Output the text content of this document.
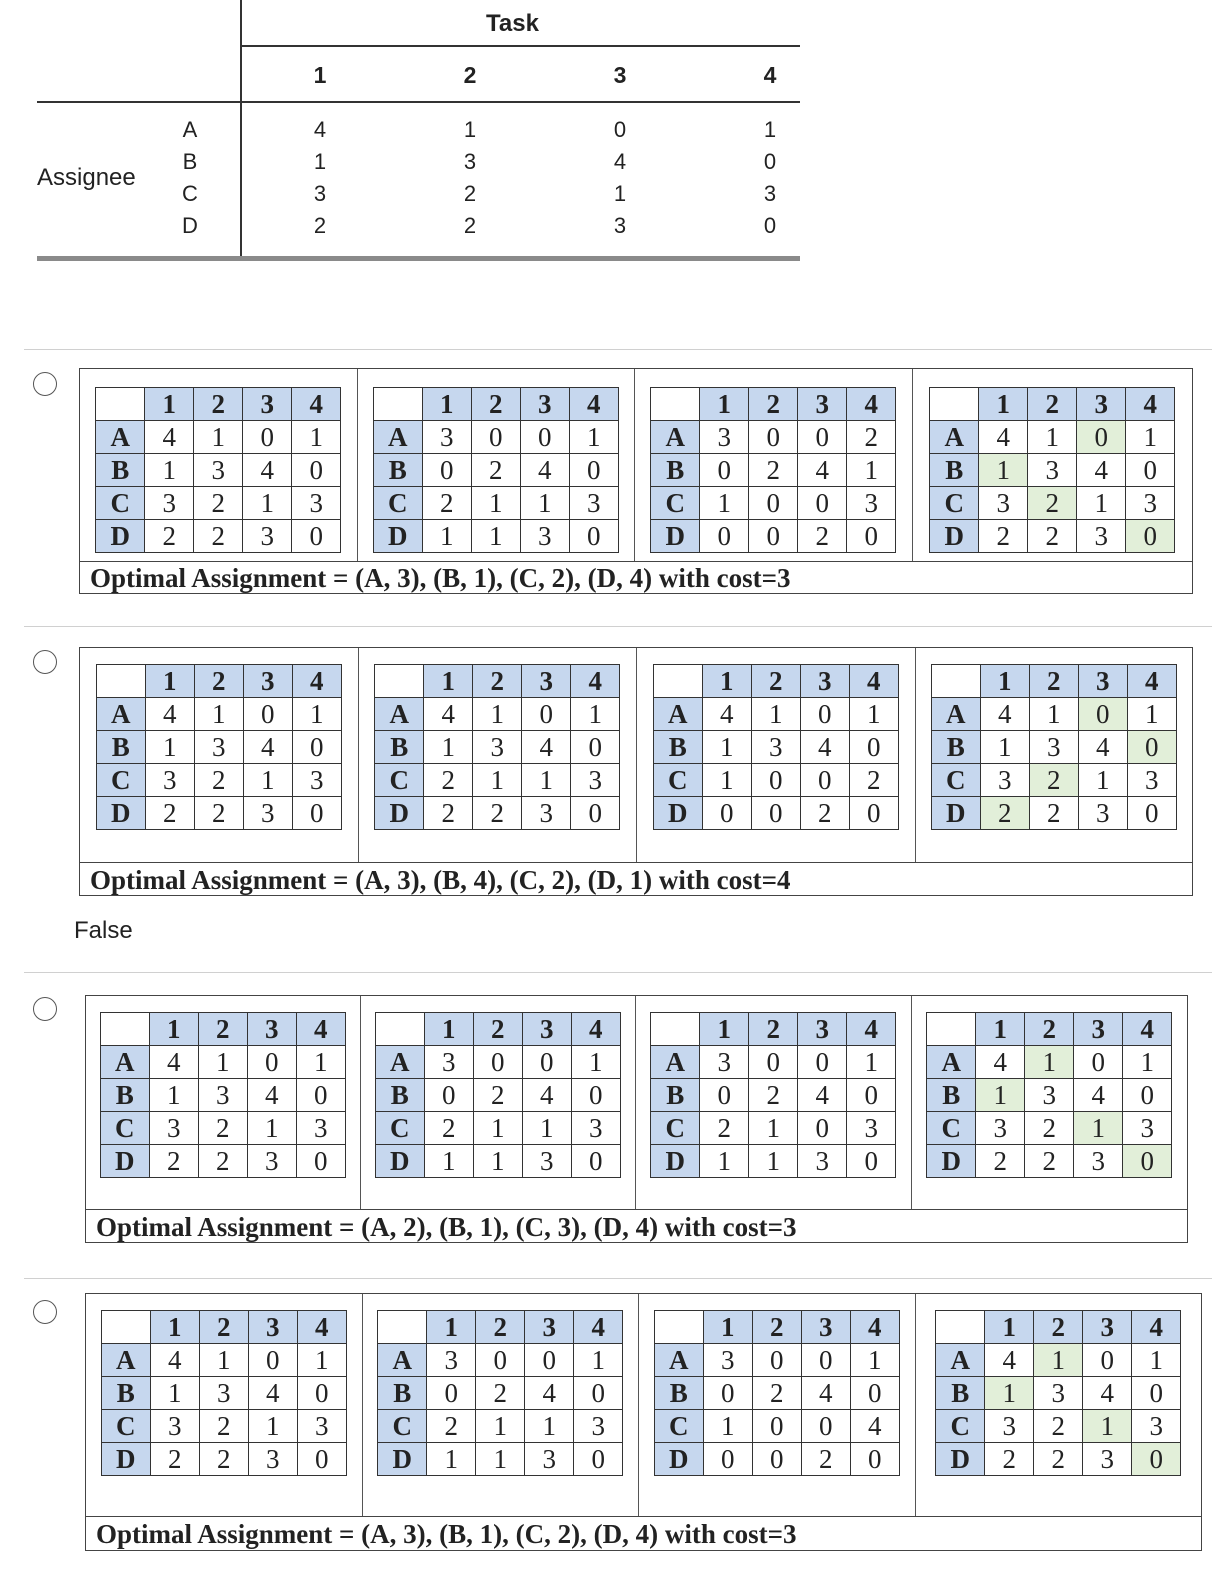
Task
1	2	3	4
Assignee
A	4	1	0	1
B	1	3	4	0
C	3	2	1	3
D	2	2	3	0
	1	2	3	4
A	4	1	0	1
B	1	3	4	0
C	3	2	1	3
D	2	2	3	0
	1	2	3	4
A	3	0	0	1
B	0	2	4	0
C	2	1	1	3
D	1	1	3	0
	1	2	3	4
A	3	0	0	2
B	0	2	4	1
C	1	0	0	3
D	0	0	2	0
	1	2	3	4
A	4	1	0	1
B	1	3	4	0
C	3	2	1	3
D	2	2	3	0
Optimal Assignment = (A, 3), (B, 1), (C, 2), (D, 4) with cost=3
	1	2	3	4
A	4	1	0	1
B	1	3	4	0
C	3	2	1	3
D	2	2	3	0
	1	2	3	4
A	4	1	0	1
B	1	3	4	0
C	2	1	1	3
D	2	2	3	0
	1	2	3	4
A	4	1	0	1
B	1	3	4	0
C	1	0	0	2
D	0	0	2	0
	1	2	3	4
A	4	1	0	1
B	1	3	4	0
C	3	2	1	3
D	2	2	3	0
Optimal Assignment = (A, 3), (B, 4), (C, 2), (D, 1) with cost=4
False
	1	2	3	4
A	4	1	0	1
B	1	3	4	0
C	3	2	1	3
D	2	2	3	0
	1	2	3	4
A	3	0	0	1
B	0	2	4	0
C	2	1	1	3
D	1	1	3	0
	1	2	3	4
A	3	0	0	1
B	0	2	4	0
C	2	1	0	3
D	1	1	3	0
	1	2	3	4
A	4	1	0	1
B	1	3	4	0
C	3	2	1	3
D	2	2	3	0
Optimal Assignment = (A, 2), (B, 1), (C, 3), (D, 4) with cost=3
	1	2	3	4
A	4	1	0	1
B	1	3	4	0
C	3	2	1	3
D	2	2	3	0
	1	2	3	4
A	3	0	0	1
B	0	2	4	0
C	2	1	1	3
D	1	1	3	0
	1	2	3	4
A	3	0	0	1
B	0	2	4	0
C	1	0	0	4
D	0	0	2	0
	1	2	3	4
A	4	1	0	1
B	1	3	4	0
C	3	2	1	3
D	2	2	3	0
Optimal Assignment = (A, 3), (B, 1), (C, 2), (D, 4) with cost=3
